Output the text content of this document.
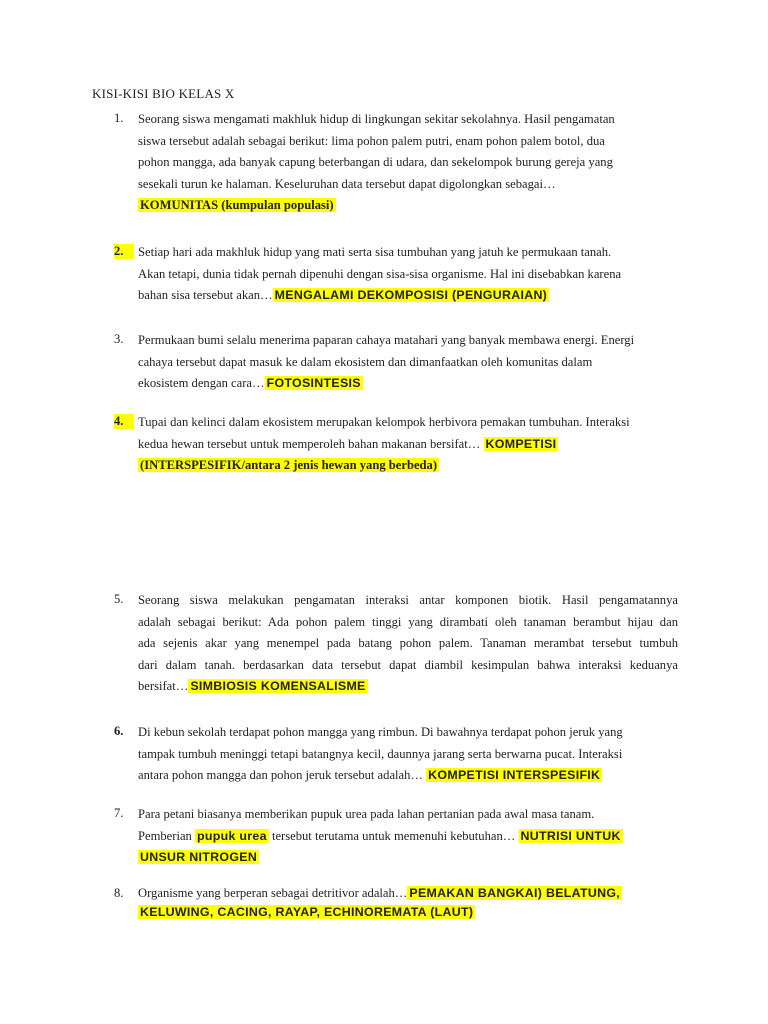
KISI-KISI BIO KELAS X
1.	Seorang siswa mengamati makhluk hidup di lingkungan sekitar sekolahnya. Hasil pengamatan
siswa tersebut adalah sebagai berikut: lima pohon palem putri, enam pohon palem botol, dua
pohon mangga, ada banyak capung beterbangan di udara, dan sekelompok burung gereja yang
sesekali turun ke halaman. Keseluruhan data tersebut dapat digolongkan sebagai…
KOMUNITAS (kumpulan populasi)
2.	Setiap hari ada makhluk hidup yang mati serta sisa tumbuhan yang jatuh ke permukaan tanah.
Akan tetapi, dunia tidak pernah dipenuhi dengan sisa-sisa organisme. Hal ini disebabkan karena
bahan sisa tersebut akan… MENGALAMI DEKOMPOSISI (PENGURAIAN)
3.	Permukaan bumi selalu menerima paparan cahaya matahari yang banyak membawa energi. Energi
cahaya tersebut dapat masuk ke dalam ekosistem dan dimanfaatkan oleh komunitas dalam
ekosistem dengan cara… FOTOSINTESIS
4.	Tupai dan kelinci dalam ekosistem merupakan kelompok herbivora pemakan tumbuhan. Interaksi
kedua hewan tersebut untuk memperoleh bahan makanan bersifat… KOMPETISI
(INTERSPESIFIK/antara 2 jenis hewan yang berbeda)
5.	Seorang siswa melakukan pengamatan interaksi antar komponen biotik. Hasil pengamatannya
adalah sebagai berikut: Ada pohon palem tinggi yang dirambati oleh tanaman berambut hijau dan
ada sejenis akar yang menempel pada batang pohon palem. Tanaman merambat tersebut tumbuh
dari dalam tanah. berdasarkan data tersebut dapat diambil kesimpulan bahwa interaksi keduanya
bersifat… SIMBIOSIS KOMENSALISME
6.	Di kebun sekolah terdapat pohon mangga yang rimbun. Di bawahnya terdapat pohon jeruk yang
tampak tumbuh meninggi tetapi batangnya kecil, daunnya jarang serta berwarna pucat. Interaksi
antara pohon mangga dan pohon jeruk tersebut adalah… KOMPETISI INTERSPESIFIK
7.	Para petani biasanya memberikan pupuk urea pada lahan pertanian pada awal masa tanam.
Pemberian pupuk urea tersebut terutama untuk memenuhi kebutuhan… NUTRISI UNTUK
UNSUR NITROGEN
8.	Organisme yang berperan sebagai detritivor adalah… PEMAKAN BANGKAI) BELATUNG,
KELUWING, CACING, RAYAP, ECHINOREMATA (LAUT)
